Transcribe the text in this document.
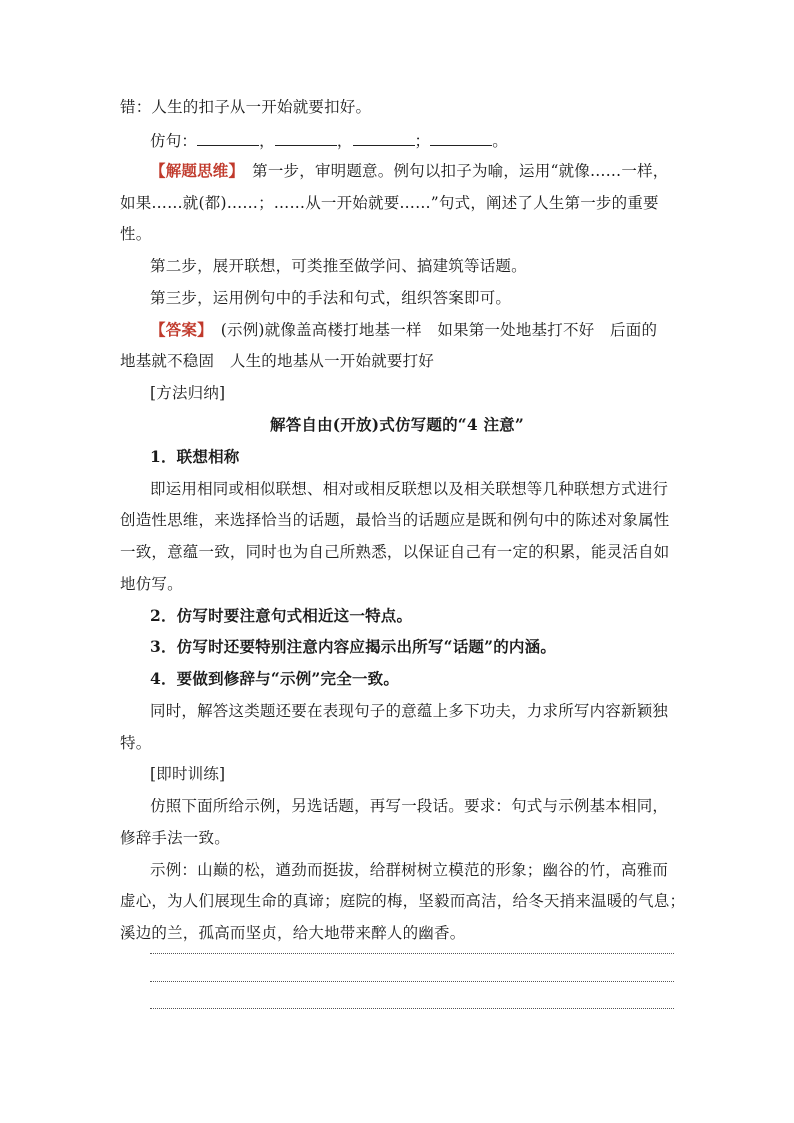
错：人生的扣子从一开始就要扣好。
仿句：	，	，	；	。
【解题思维】　第一步，审明题意。例句以扣子为喻，运用“就像……一样，
如果……就(都)……；……从一开始就要……”句式，阐述了人生第一步的重要
性。
第二步，展开联想，可类推至做学问、搞建筑等话题。
第三步，运用例句中的手法和句式，组织答案即可。
【答案】　(示例)就像盖高楼打地基一样　如果第一处地基打不好　后面的
地基就不稳固　人生的地基从一开始就要打好
[方法归纳]
解答自由(开放)式仿写题的“4 注意”
1．联想相称
即运用相同或相似联想、相对或相反联想以及相关联想等几种联想方式进行
创造性思维，来选择恰当的话题，最恰当的话题应是既和例句中的陈述对象属性
一致，意蕴一致，同时也为自己所熟悉，以保证自己有一定的积累，能灵活自如
地仿写。
2．仿写时要注意句式相近这一特点。
3．仿写时还要特别注意内容应揭示出所写“话题”的内涵。
4．要做到修辞与“示例”完全一致。
同时，解答这类题还要在表现句子的意蕴上多下功夫，力求所写内容新颖独
特。
[即时训练]
仿照下面所给示例，另选话题，再写一段话。要求：句式与示例基本相同，
修辞手法一致。
示例：山巅的松，遒劲而挺拔，给群树树立模范的形象；幽谷的竹，高雅而
虚心，为人们展现生命的真谛；庭院的梅，坚毅而高洁，给冬天捎来温暖的气息；
溪边的兰，孤高而坚贞，给大地带来醉人的幽香。
